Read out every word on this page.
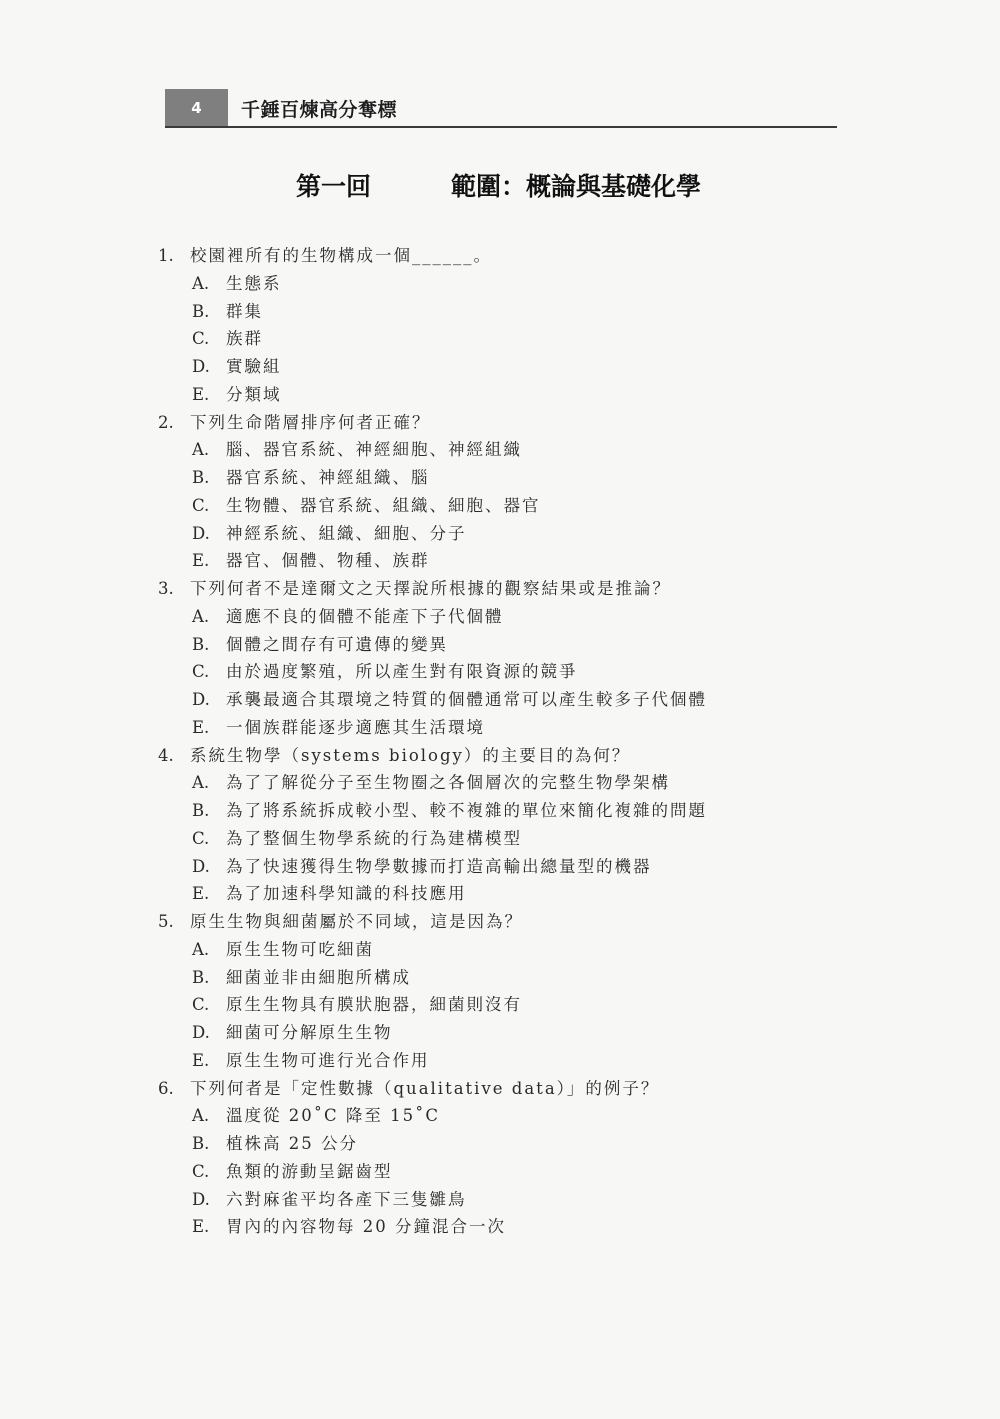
4	千錘百煉高分奪標
第一回	範圍：概論與基礎化學
1. 校園裡所有的生物構成一個______。
A. 生態系
B. 群集
C. 族群
D. 實驗組
E. 分類域
2. 下列生命階層排序何者正確？
A. 腦、器官系統、神經細胞、神經組織
B. 器官系統、神經組織、腦
C. 生物體、器官系統、組織、細胞、器官
D. 神經系統、組織、細胞、分子
E. 器官、個體、物種、族群
3. 下列何者不是達爾文之天擇說所根據的觀察結果或是推論？
A. 適應不良的個體不能產下子代個體
B. 個體之間存有可遺傳的變異
C. 由於過度繁殖，所以產生對有限資源的競爭
D. 承襲最適合其環境之特質的個體通常可以產生較多子代個體
E. 一個族群能逐步適應其生活環境
4. 系統生物學（systems biology）的主要目的為何？
A. 為了了解從分子至生物圈之各個層次的完整生物學架構
B. 為了將系統拆成較小型、較不複雜的單位來簡化複雜的問題
C. 為了整個生物學系統的行為建構模型
D. 為了快速獲得生物學數據而打造高輸出總量型的機器
E. 為了加速科學知識的科技應用
5. 原生生物與細菌屬於不同域，這是因為？
A. 原生生物可吃細菌
B. 細菌並非由細胞所構成
C. 原生生物具有膜狀胞器，細菌則沒有
D. 細菌可分解原生生物
E. 原生生物可進行光合作用
6. 下列何者是「定性數據（qualitative data）」的例子？
A. 溫度從 20˚C 降至 15˚C
B. 植株高 25 公分
C. 魚類的游動呈鋸齒型
D. 六對麻雀平均各產下三隻雛鳥
E. 胃內的內容物每 20 分鐘混合一次
